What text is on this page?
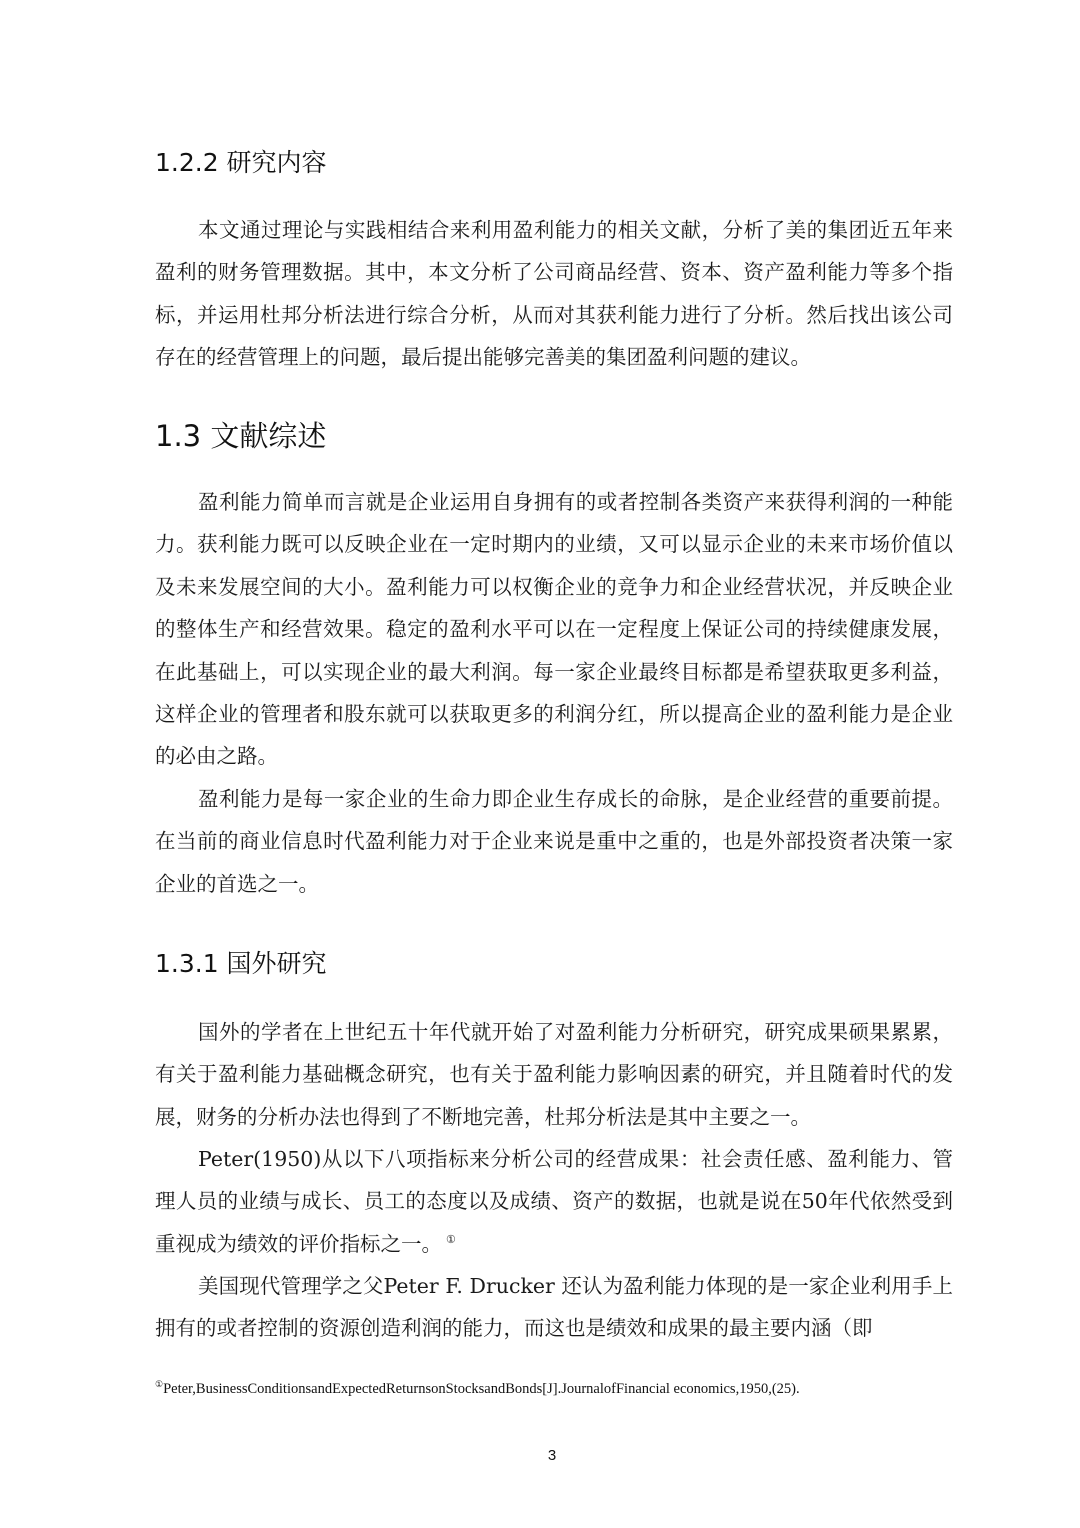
1.2.2 研究内容

本文通过理论与实践相结合来利用盈利能力的相关文献，分析了美的集团近五年来盈利的财务管理数据。其中，本文分析了公司商品经营、资本、资产盈利能力等多个指标，并运用杜邦分析法进行综合分析，从而对其获利能力进行了分析。然后找出该公司存在的经营管理上的问题，最后提出能够完善美的集团盈利问题的建议。

1.3 文献综述

盈利能力简单而言就是企业运用自身拥有的或者控制各类资产来获得利润的一种能力。获利能力既可以反映企业在一定时期内的业绩，又可以显示企业的未来市场价值以及未来发展空间的大小。盈利能力可以权衡企业的竞争力和企业经营状况，并反映企业的整体生产和经营效果。稳定的盈利水平可以在一定程度上保证公司的持续健康发展，在此基础上，可以实现企业的最大利润。每一家企业最终目标都是希望获取更多利益，这样企业的管理者和股东就可以获取更多的利润分红，所以提高企业的盈利能力是企业的必由之路。

盈利能力是每一家企业的生命力即企业生存成长的命脉，是企业经营的重要前提。在当前的商业信息时代盈利能力对于企业来说是重中之重的，也是外部投资者决策一家企业的首选之一。

1.3.1 国外研究

国外的学者在上世纪五十年代就开始了对盈利能力分析研究，研究成果硕果累累，有关于盈利能力基础概念研究，也有关于盈利能力影响因素的研究，并且随着时代的发展，财务的分析办法也得到了不断地完善，杜邦分析法是其中主要之一。

Peter(1950)从以下八项指标来分析公司的经营成果：社会责任感、盈利能力、管理人员的业绩与成长、员工的态度以及成绩、资产的数据，也就是说在50年代依然受到重视成为绩效的评价指标之一。 ①

美国现代管理学之父Peter F. Drucker 还认为盈利能力体现的是一家企业利用手上拥有的或者控制的资源创造利润的能力，而这也是绩效和成果的最主要内涵（即

①Peter,BusinessConditionsandExpectedReturnsonStocksandBonds[J].JournalofFinancial economics,1950,(25).
3
